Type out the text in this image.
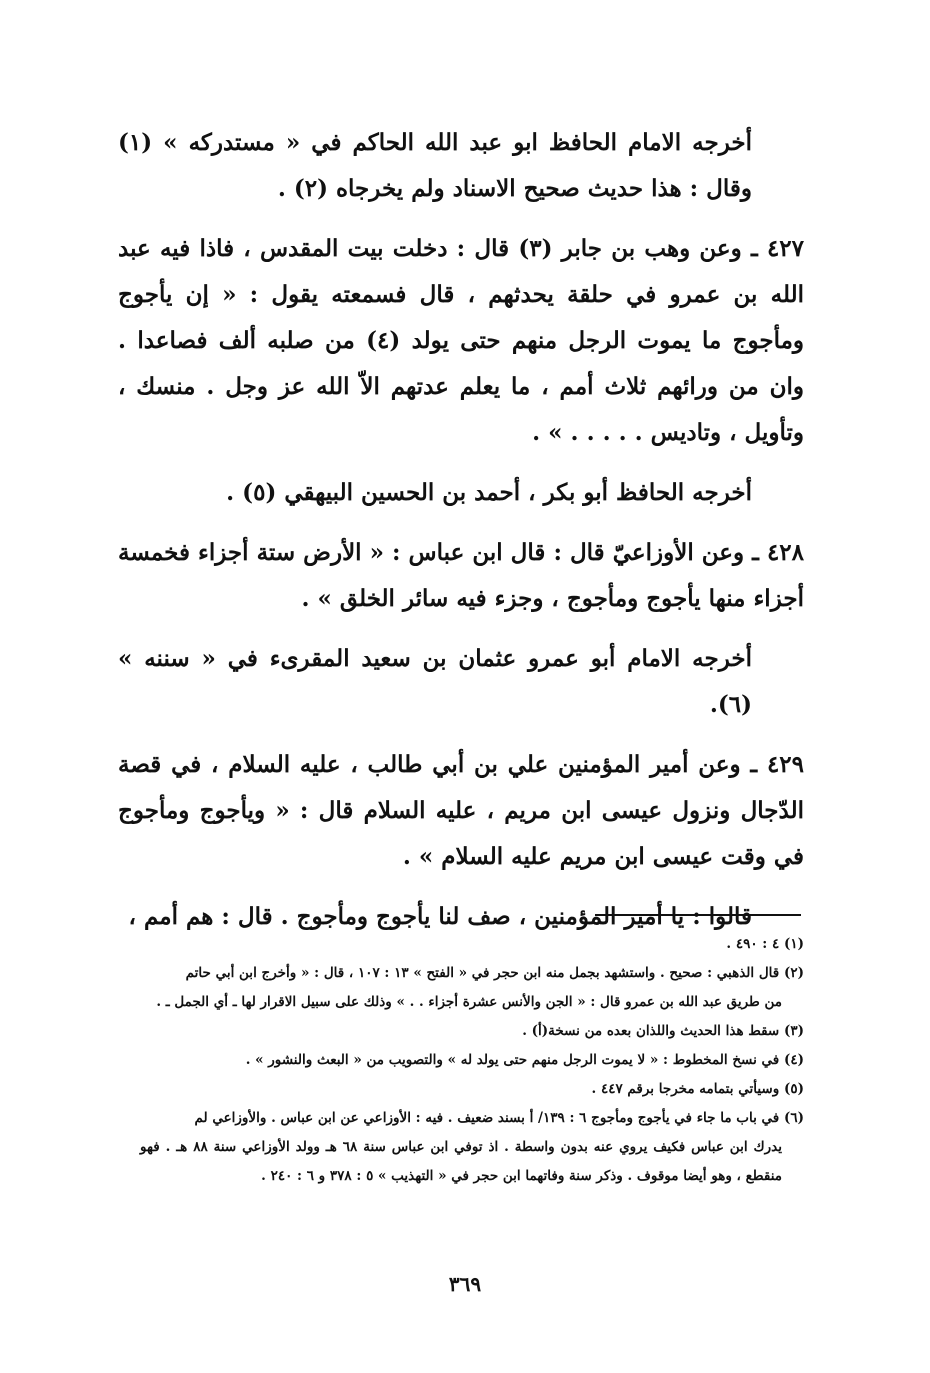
أخرجه الامام الحافظ ابو عبد الله الحاكم في « مستدركه » (١) وقال : هذا حديث صحيح الاسناد ولم يخرجاه (٢) .

٤٢٧ ـ وعن وهب بن جابر (٣) قال : دخلت بيت المقدس ، فاذا فيه عبد الله بن عمرو في حلقة يحدثهم ، قال فسمعته يقول : « إن يأجوج ومأجوج ما يموت الرجل منهم حتى يولد (٤) من صلبه ألف فصاعدا . وان من ورائهم ثلاث أمم ، ما يعلم عدتهم الاّ الله عز وجل . منسك ، وتأويل ، وتاديس . . . . . » .

أخرجه الحافظ أبو بكر ، أحمد بن الحسين البيهقي (٥) .

٤٢٨ ـ وعن الأوزاعيّ قال : قال ابن عباس : « الأرض ستة أجزاء فخمسة أجزاء منها يأجوج ومأجوج ، وجزء فيه سائر الخلق » .

أخرجه الامام أبو عمرو عثمان بن سعيد المقرىء في « سننه » (٦).

٤٢٩ ـ وعن أمير المؤمنين علي بن أبي طالب ، عليه السلام ، في قصة الدّجال ونزول عيسى ابن مريم ، عليه السلام قال : « ويأجوج ومأجوج في وقت عيسى ابن مريم عليه السلام » .

قالوا : يا أمير المؤمنين ، صف لنا يأجوج ومأجوج . قال : هم أمم ،

(١) ٤ : ٤٩٠ .

(٢) قال الذهبي : صحيح . واستشهد بجمل منه ابن حجر في « الفتح » ١٣ : ١٠٧ ، قال : « وأخرج ابن أبي حاتم

من طريق عبد الله بن عمرو قال : « الجن والأنس عشرة أجزاء . . » وذلك على سبيل الاقرار لها ـ أي الجمل ـ .

(٣) سقط هذا الحديث واللذان بعده من نسخة(أ) .

(٤) في نسخ المخطوط : « لا يموت الرجل منهم حتى يولد له » والتصويب من « البعث والنشور » .

(٥) وسيأتي بتمامه مخرجا برقم ٤٤٧ .

(٦) في باب ما جاء في يأجوج ومأجوج ٦ : ١٣٩/ أ بسند ضعيف . فيه : الأوزاعي عن ابن عباس . والأوزاعي لم

يدرك ابن عباس فكيف يروي عنه بدون واسطة . اذ توفي ابن عباس سنة ٦٨ هـ وولد الأوزاعي سنة ٨٨ هـ . فهو منقطع ، وهو أيضا موقوف . وذكر سنة وفاتهما ابن حجر في « التهذيب » ٥ : ٣٧٨ و ٦ : ٢٤٠ .

٣٦٩
